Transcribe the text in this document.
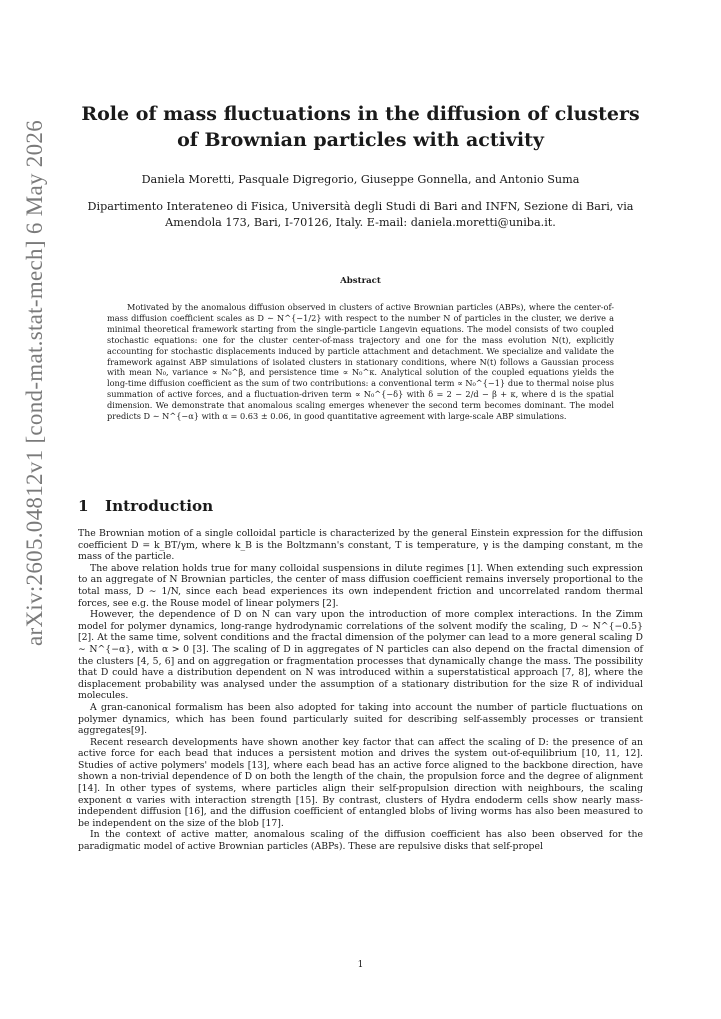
arXiv:2605.04812v1 [cond-mat.stat-mech] 6 May 2026
Role of mass fluctuations in the diffusion of clusters of Brownian particles with activity
Daniela Moretti, Pasquale Digregorio, Giuseppe Gonnella, and Antonio Suma
Dipartimento Interateneo di Fisica, Università degli Studi di Bari and INFN, Sezione di Bari, via Amendola 173, Bari, I-70126, Italy. E-mail: daniela.moretti@uniba.it.
Abstract

Motivated by the anomalous diffusion observed in clusters of active Brownian particles (ABPs), where the center-of-mass diffusion coefficient scales as D ∼ N^{−1/2} with respect to the number N of particles in the cluster, we derive a minimal theoretical framework starting from the single-particle Langevin equations. The model consists of two coupled stochastic equations: one for the cluster center-of-mass trajectory and one for the mass evolution N(t), explicitly accounting for stochastic displacements induced by particle attachment and detachment. We specialize and validate the framework against ABP simulations of isolated clusters in stationary conditions, where N(t) follows a Gaussian process with mean N₀, variance ∝ N₀^β, and persistence time ∝ N₀^κ. Analytical solution of the coupled equations yields the long-time diffusion coefficient as the sum of two contributions: a conventional term ∝ N₀^{−1} due to thermal noise plus summation of active forces, and a fluctuation-driven term ∝ N₀^{−δ} with δ = 2 − 2/d − β + κ, where d is the spatial dimension. We demonstrate that anomalous scaling emerges whenever the second term becomes dominant. The model predicts D ∼ N^{−α} with α = 0.63 ± 0.06, in good quantitative agreement with large-scale ABP simulations.

1 Introduction

The Brownian motion of a single colloidal particle is characterized by the general Einstein expression for the diffusion coefficient D = k_BT/γm, where k_B is the Boltzmann's constant, T is temperature, γ is the damping constant, m the mass of the particle.

The above relation holds true for many colloidal suspensions in dilute regimes [1]. When extending such expression to an aggregate of N Brownian particles, the center of mass diffusion coefficient remains inversely proportional to the total mass, D ∼ 1/N, since each bead experiences its own independent friction and uncorrelated random thermal forces, see e.g. the Rouse model of linear polymers [2].

However, the dependence of D on N can vary upon the introduction of more complex interactions. In the Zimm model for polymer dynamics, long-range hydrodynamic correlations of the solvent modify the scaling, D ∼ N^{−0.5}[2]. At the same time, solvent conditions and the fractal dimension of the polymer can lead to a more general scaling D ∼ N^{−α}, with α > 0 [3]. The scaling of D in aggregates of N particles can also depend on the fractal dimension of the clusters [4, 5, 6] and on aggregation or fragmentation processes that dynamically change the mass. The possibility that D could have a distribution dependent on N was introduced within a superstatistical approach [7, 8], where the displacement probability was analysed under the assumption of a stationary distribution for the size R of individual molecules.

A gran-canonical formalism has been also adopted for taking into account the number of particle fluctuations on polymer dynamics, which has been found particularly suited for describing self-assembly processes or transient aggregates[9].

Recent research developments have shown another key factor that can affect the scaling of D: the presence of an active force for each bead that induces a persistent motion and drives the system out-of-equilibrium [10, 11, 12]. Studies of active polymers' models [13], where each bead has an active force aligned to the backbone direction, have shown a non-trivial dependence of D on both the length of the chain, the propulsion force and the degree of alignment [14]. In other types of systems, where particles align their self-propulsion direction with neighbours, the scaling exponent α varies with interaction strength [15]. By contrast, clusters of Hydra endoderm cells show nearly mass-independent diffusion [16], and the diffusion coefficient of entangled blobs of living worms has also been measured to be independent on the size of the blob [17].

In the context of active matter, anomalous scaling of the diffusion coefficient has also been observed for the paradigmatic model of active Brownian particles (ABPs). These are repulsive disks that self-propel

1
